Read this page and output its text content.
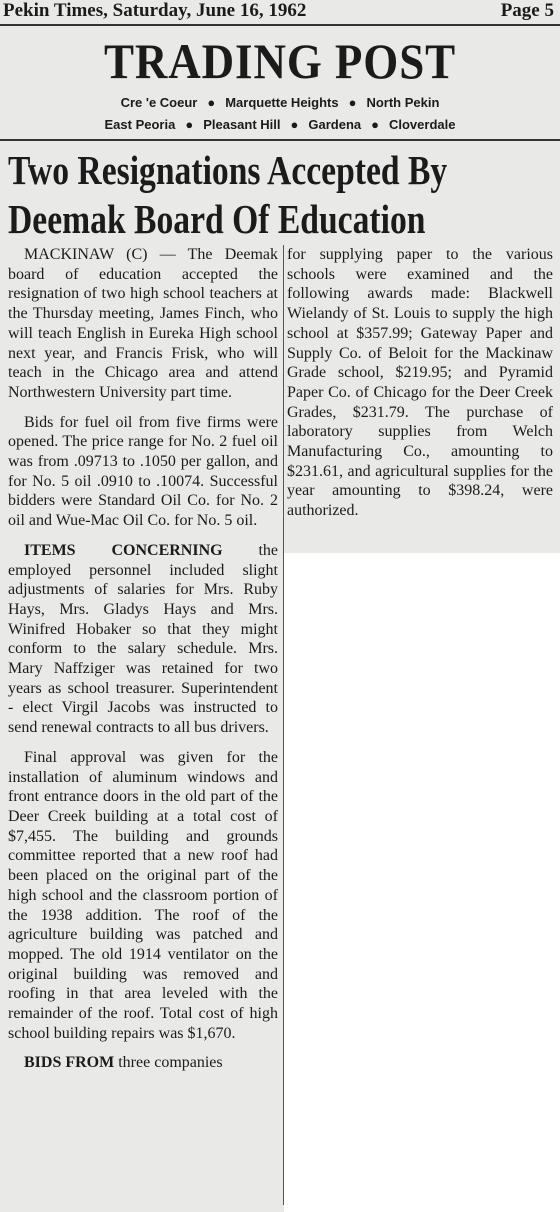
Pekin Times, Saturday, June 16, 1962	Page 5
TRADING POST
Cre 'e Coeur ● Marquette Heights ● North Pekin
East Peoria ● Pleasant Hill ● Gardena ● Cloverdale
Two Resignations Accepted By
Deemak Board Of Education

MACKINAW (C) — The Deemak board of education accepted the resignation of two high school teachers at the Thursday meeting, James Finch, who will teach English in Eureka High school next year, and Francis Frisk, who will teach in the Chicago area and attend Northwestern University part time.

Bids for fuel oil from five firms were opened. The price range for No. 2 fuel oil was from .09713 to .1050 per gallon, and for No. 5 oil .0910 to .10074. Successful bidders were Standard Oil Co. for No. 2 oil and Wue-Mac Oil Co. for No. 5 oil.

ITEMS CONCERNING the employed personnel included slight adjustments of salaries for Mrs. Ruby Hays, Mrs. Gladys Hays and Mrs. Winifred Hobaker so that they might conform to the salary schedule. Mrs. Mary Naffziger was retained for two years as school treasurer. Superintendent - elect Virgil Jacobs was instructed to send renewal contracts to all bus drivers.

Final approval was given for the installation of aluminum windows and front entrance doors in the old part of the Deer Creek building at a total cost of $7,455. The building and grounds committee reported that a new roof had been placed on the original part of the high school and the classroom portion of the 1938 addition. The roof of the agriculture building was patched and mopped. The old 1914 ventilator on the original building was removed and roofing in that area leveled with the remainder of the roof. Total cost of high school building repairs was $1,670.

BIDS FROM three companies

for supplying paper to the various schools were examined and the following awards made: Blackwell Wielandy of St. Louis to supply the high school at $357.99; Gateway Paper and Supply Co. of Beloit for the Mackinaw Grade school, $219.95; and Pyramid Paper Co. of Chicago for the Deer Creek Grades, $231.79. The purchase of laboratory supplies from Welch Manufacturing Co., amounting to $231.61, and agricultural supplies for the year amounting to $398.24, were authorized.
